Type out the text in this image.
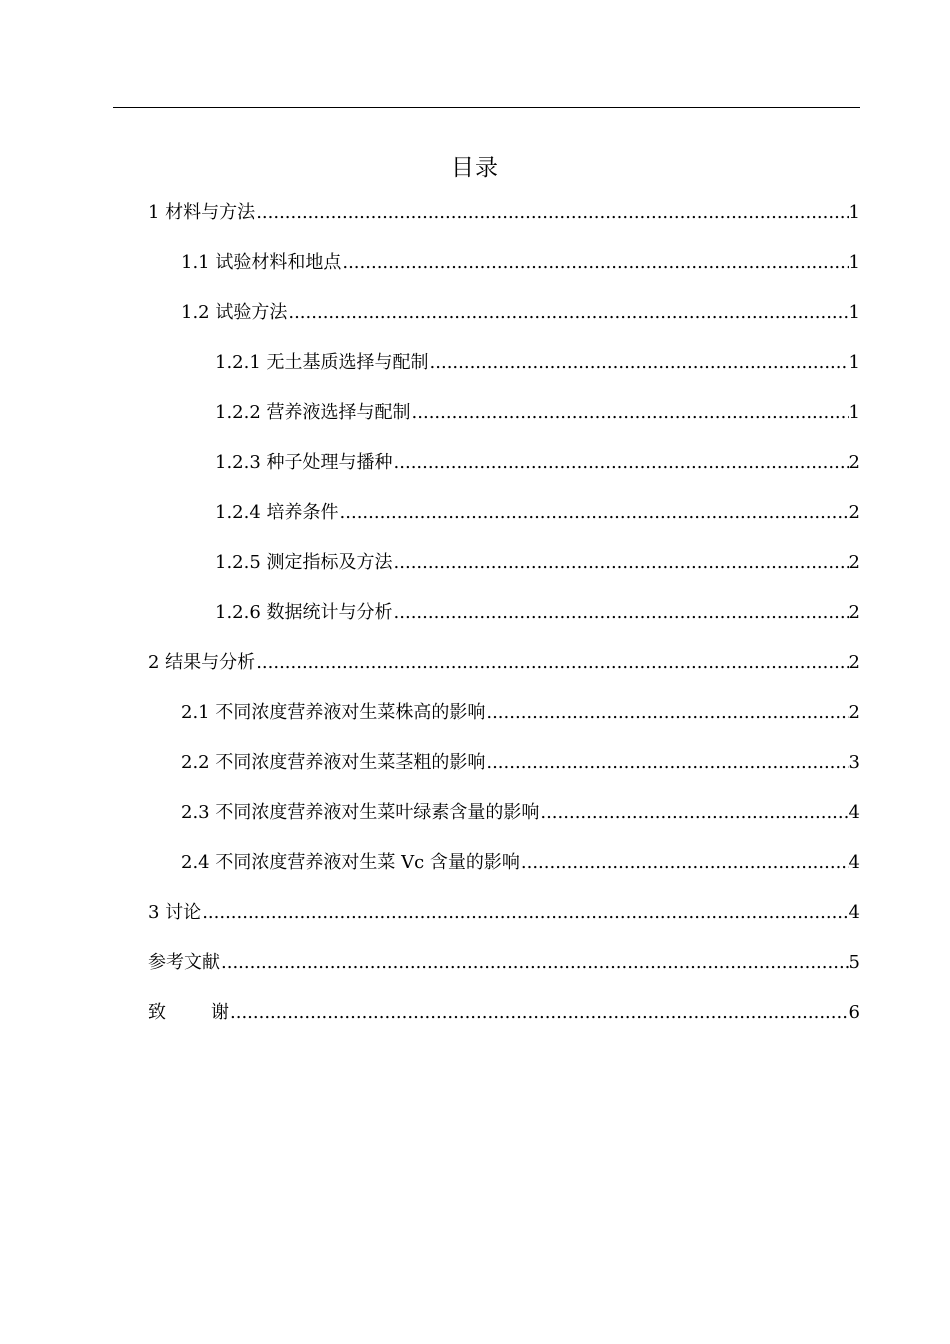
目录
1 材料与方法 .....	1
1.1 试验材料和地点 .....	1
1.2 试验方法 .....	1
1.2.1 无土基质选择与配制 .....	1
1.2.2 营养液选择与配制 .....	1
1.2.3 种子处理与播种 .....	2
1.2.4 培养条件 .....	2
1.2.5 测定指标及方法 .....	2
1.2.6 数据统计与分析 .....	2
2 结果与分析 .....	2
2.1 不同浓度营养液对生菜株高的影响 .....	2
2.2 不同浓度营养液对生菜茎粗的影响 .....	3
2.3 不同浓度营养液对生菜叶绿素含量的影响 .....	4
2.4 不同浓度营养液对生菜 Vc 含量的影响 .....	4
3 讨论 .....	4
参考文献 .....	5
致	谢 .....	6
